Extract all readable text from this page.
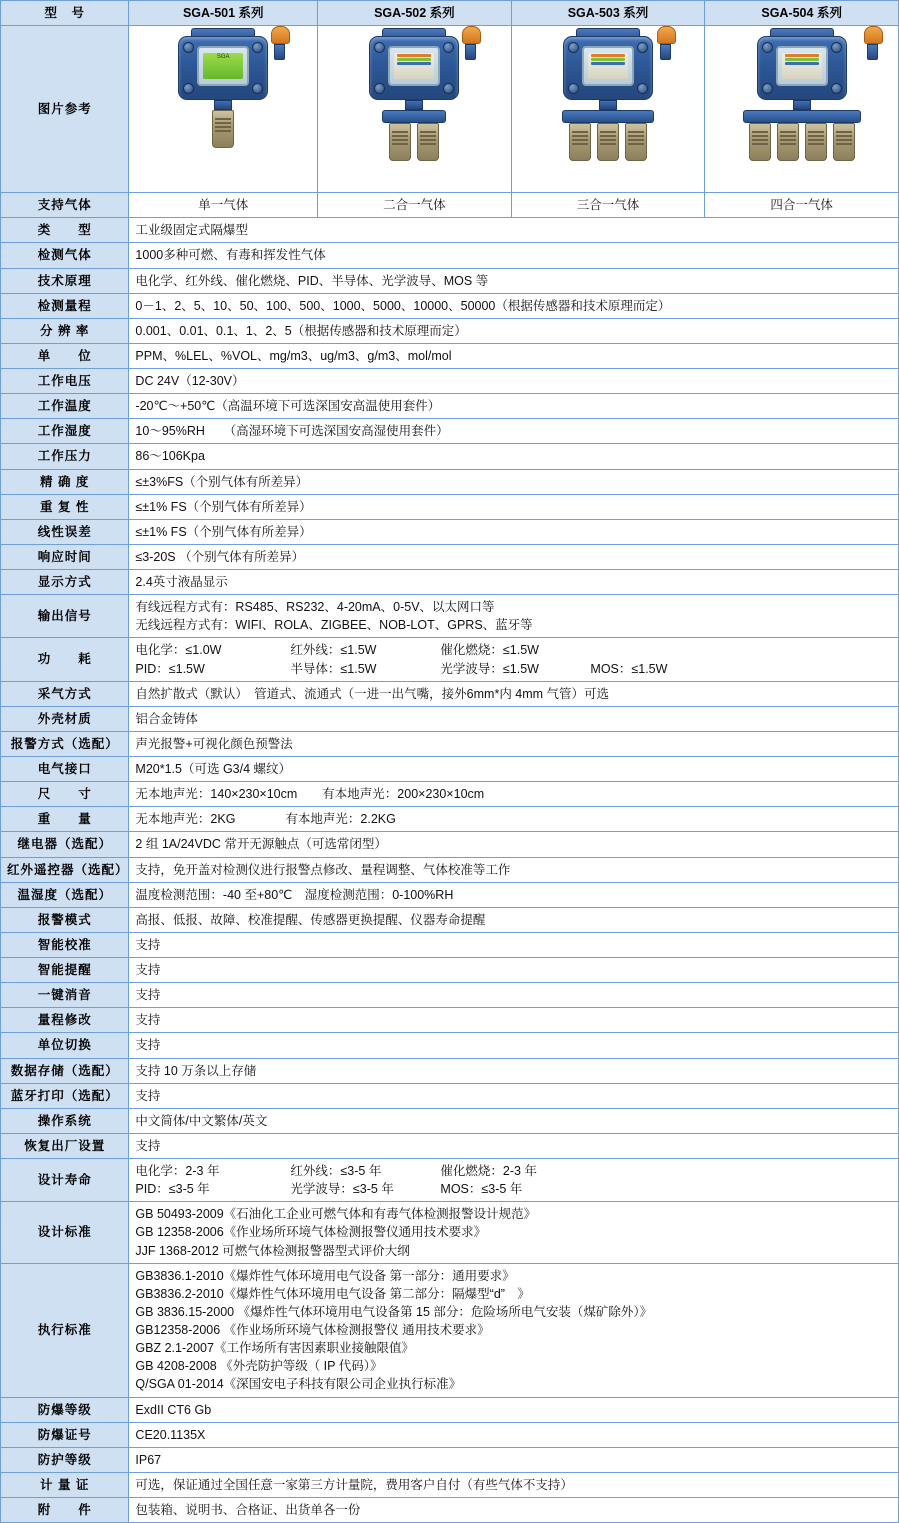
型　号	SGA-501 系列	SGA-502 系列	SGA-503 系列	SGA-504 系列
图片参考	SGA			

支持气体	单一气体	二合一气体	三合一气体	四合一气体
类　　型	工业级固定式隔爆型			

检测气体	1000多种可燃、有毒和挥发性气体			

技术原理	电化学、红外线、催化燃烧、PID、半导体、光学波导、MOS 等			

检测量程	0－1、2、5、10、50、100、500、1000、5000、10000、50000（根据传感器和技术原理而定）			

分 辨 率	0.001、0.01、0.1、1、2、5（根据传感器和技术原理而定）			

单　　位	PPM、%LEL、%VOL、mg/m3、ug/m3、g/m3、mol/mol			

工作电压	DC 24V（12-30V）			

工作温度	-20℃～+50℃（高温环境下可选深国安高温使用套件）			

工作湿度	10～95%RH　　（高湿环境下可选深国安高湿使用套件）			

工作压力	86～106Kpa			

精 确 度	≤±3%FS（个别气体有所差异）			

重 复 性	≤±1% FS（个别气体有所差异）			

线性误差	≤±1% FS（个别气体有所差异）			

响应时间	≤3-20S （个别气体有所差异）			

显示方式	2.4英寸液晶显示			

输出信号	有线远程方式有：RS485、RS232、4-20mA、0-5V、以太网口等
无线远程方式有：WIFI、ROLA、ZIGBEE、NOB-LOT、GPRS、蓝牙等			

功　　耗	
电化学：≤1.0W	红外线：≤1.5W	催化燃烧：≤1.5W
PID：≤1.5W	半导体：≤1.5W	光学波导：≤1.5W	MOS：≤1.5W

采气方式	自然扩散式（默认）　管道式、流通式（一进一出气嘴，接外6mm*内 4mm 气管）可选			

外壳材质	铝合金铸体			

报警方式（选配）	声光报警+可视化颜色预警法			

电气接口	M20*1.5（可选 G3/4 螺纹）			

尺　　寸	无本地声光：140×230×10cm　　有本地声光：200×230×10cm			

重　　量	无本地声光：2KG　　　　有本地声光：2.2KG			

继电器（选配）	2 组 1A/24VDC 常开无源触点（可选常闭型）			

红外遥控器（选配）	支持，免开盖对检测仪进行报警点修改、量程调整、气体校准等工作			

温湿度（选配）	温度检测范围：-40 至+80℃　湿度检测范围：0-100%RH			

报警模式	高报、低报、故障、校准提醒、传感器更换提醒、仪器寿命提醒			

智能校准	支持			

智能提醒	支持			

一键消音	支持			

量程修改	支持			

单位切换	支持			

数据存储（选配）	支持 10 万条以上存储			

蓝牙打印（选配）	支持			

操作系统	中文简体/中文繁体/英文			

恢复出厂设置	支持			

设计寿命	
电化学：2-3 年	红外线：≤3-5 年	催化燃烧：2-3 年
PID：≤3-5 年	光学波导：≤3-5 年	MOS：≤3-5 年

设计标准	GB 50493-2009《石油化工企业可燃气体和有毒气体检测报警设计规范》
GB 12358-2006《作业场所环境气体检测报警仪通用技术要求》
JJF 1368-2012 可燃气体检测报警器型式评价大纲			

执行标准	
GB3836.1-2010《爆炸性气体环境用电气设备 第一部分：通用要求》
GB3836.2-2010《爆炸性气体环境用电气设备 第二部分：隔爆型“d”　》
GB 3836.15-2000 《爆炸性气体环境用电气设备第 15 部分：危险场所电气安装（煤矿除外）》
GB12358-2006 《作业场所环境气体检测报警仪 通用技术要求》
GBZ 2.1-2007《工作场所有害因素职业接触限值》
GB 4208-2008 《外壳防护等级（ IP 代码）》
Q/SGA 01-2014《深国安电子科技有限公司企业执行标准》

防爆等级	ExdII CT6 Gb			

防爆证号	CE20.1135X			

防护等级	IP67			

计 量 证	可选，保证通过全国任意一家第三方计量院，费用客户自付（有些气体不支持）			

附　　件	包装箱、说明书、合格证、出货单各一份			
